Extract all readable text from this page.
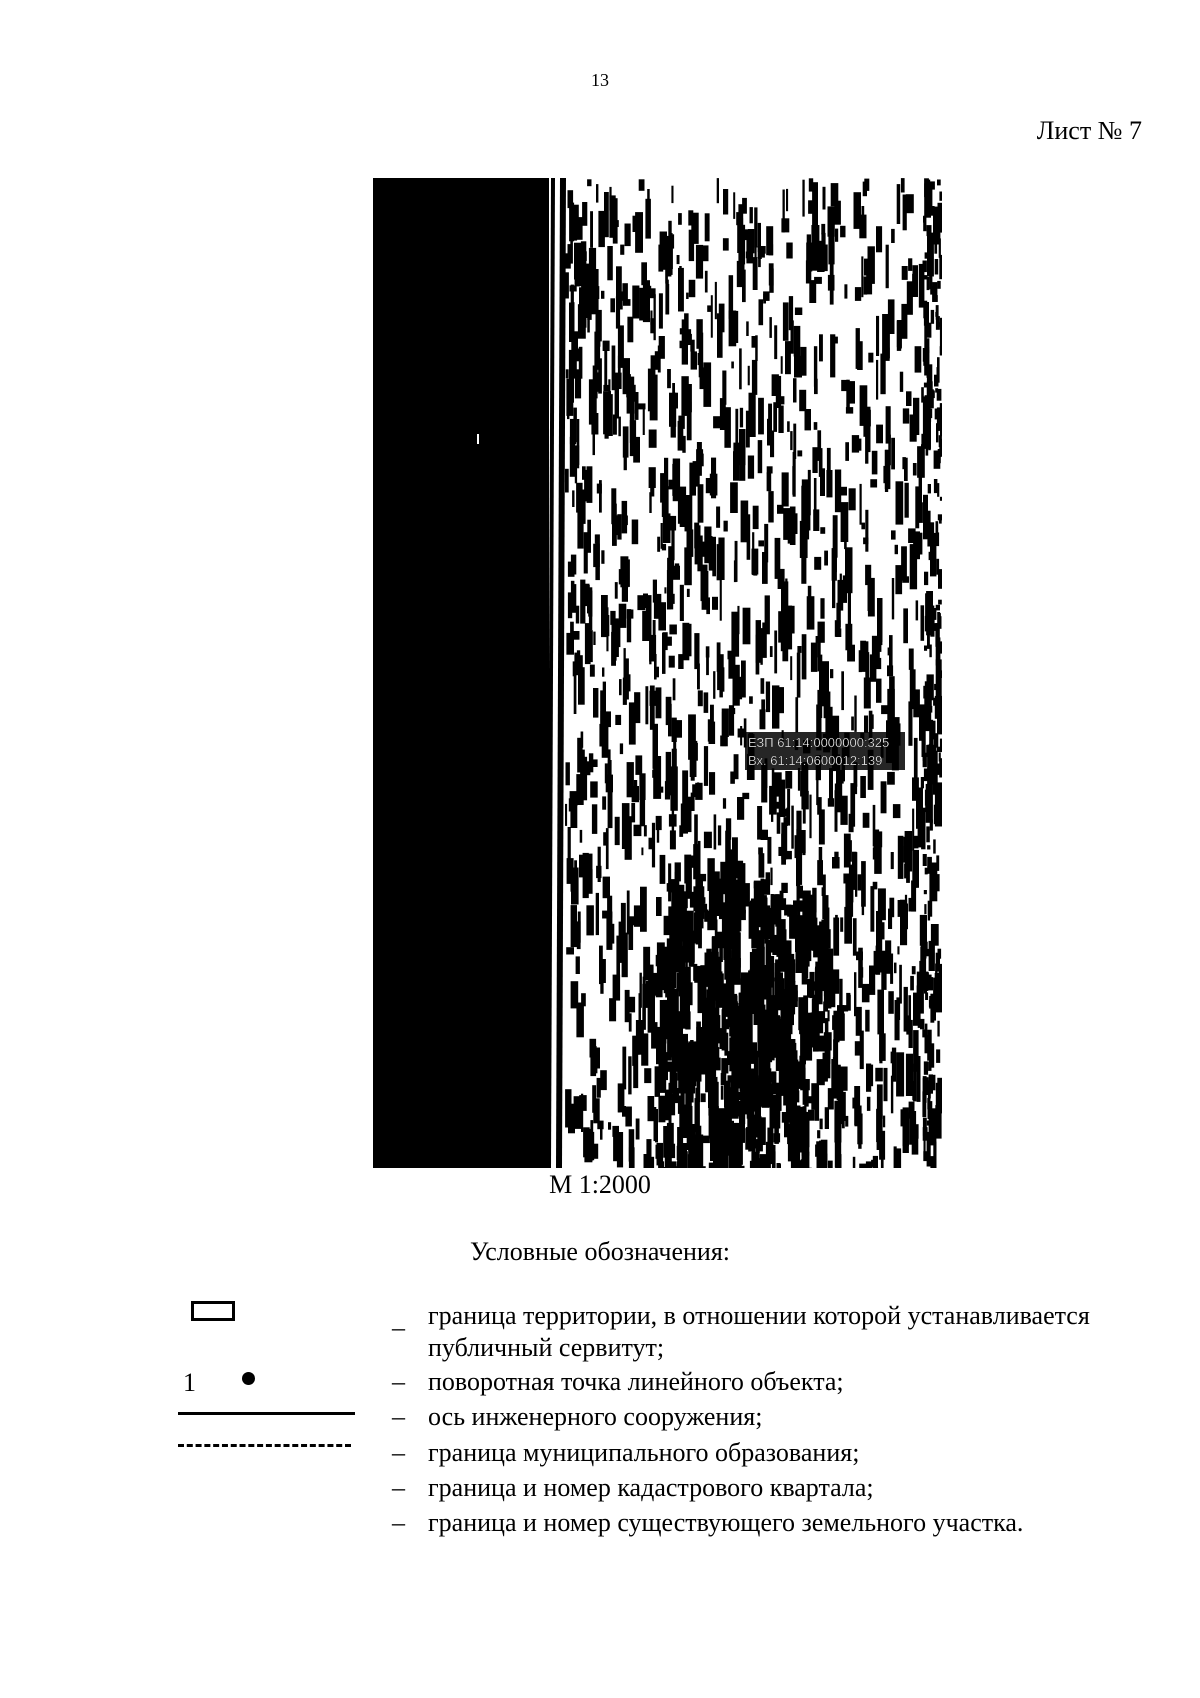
13
Лист № 7
ЕЗП 61:14:0000000:325
Вх. 61:14:0600012:139
М 1:2000
Условные обозначения:
1
– граница территории, в отношении которой устанавливается публичный сервитут;
– поворотная точка линейного объекта;
– ось инженерного сооружения;
– граница муниципального образования;
– граница и номер кадастрового квартала;
– граница и номер существующего земельного участка.
